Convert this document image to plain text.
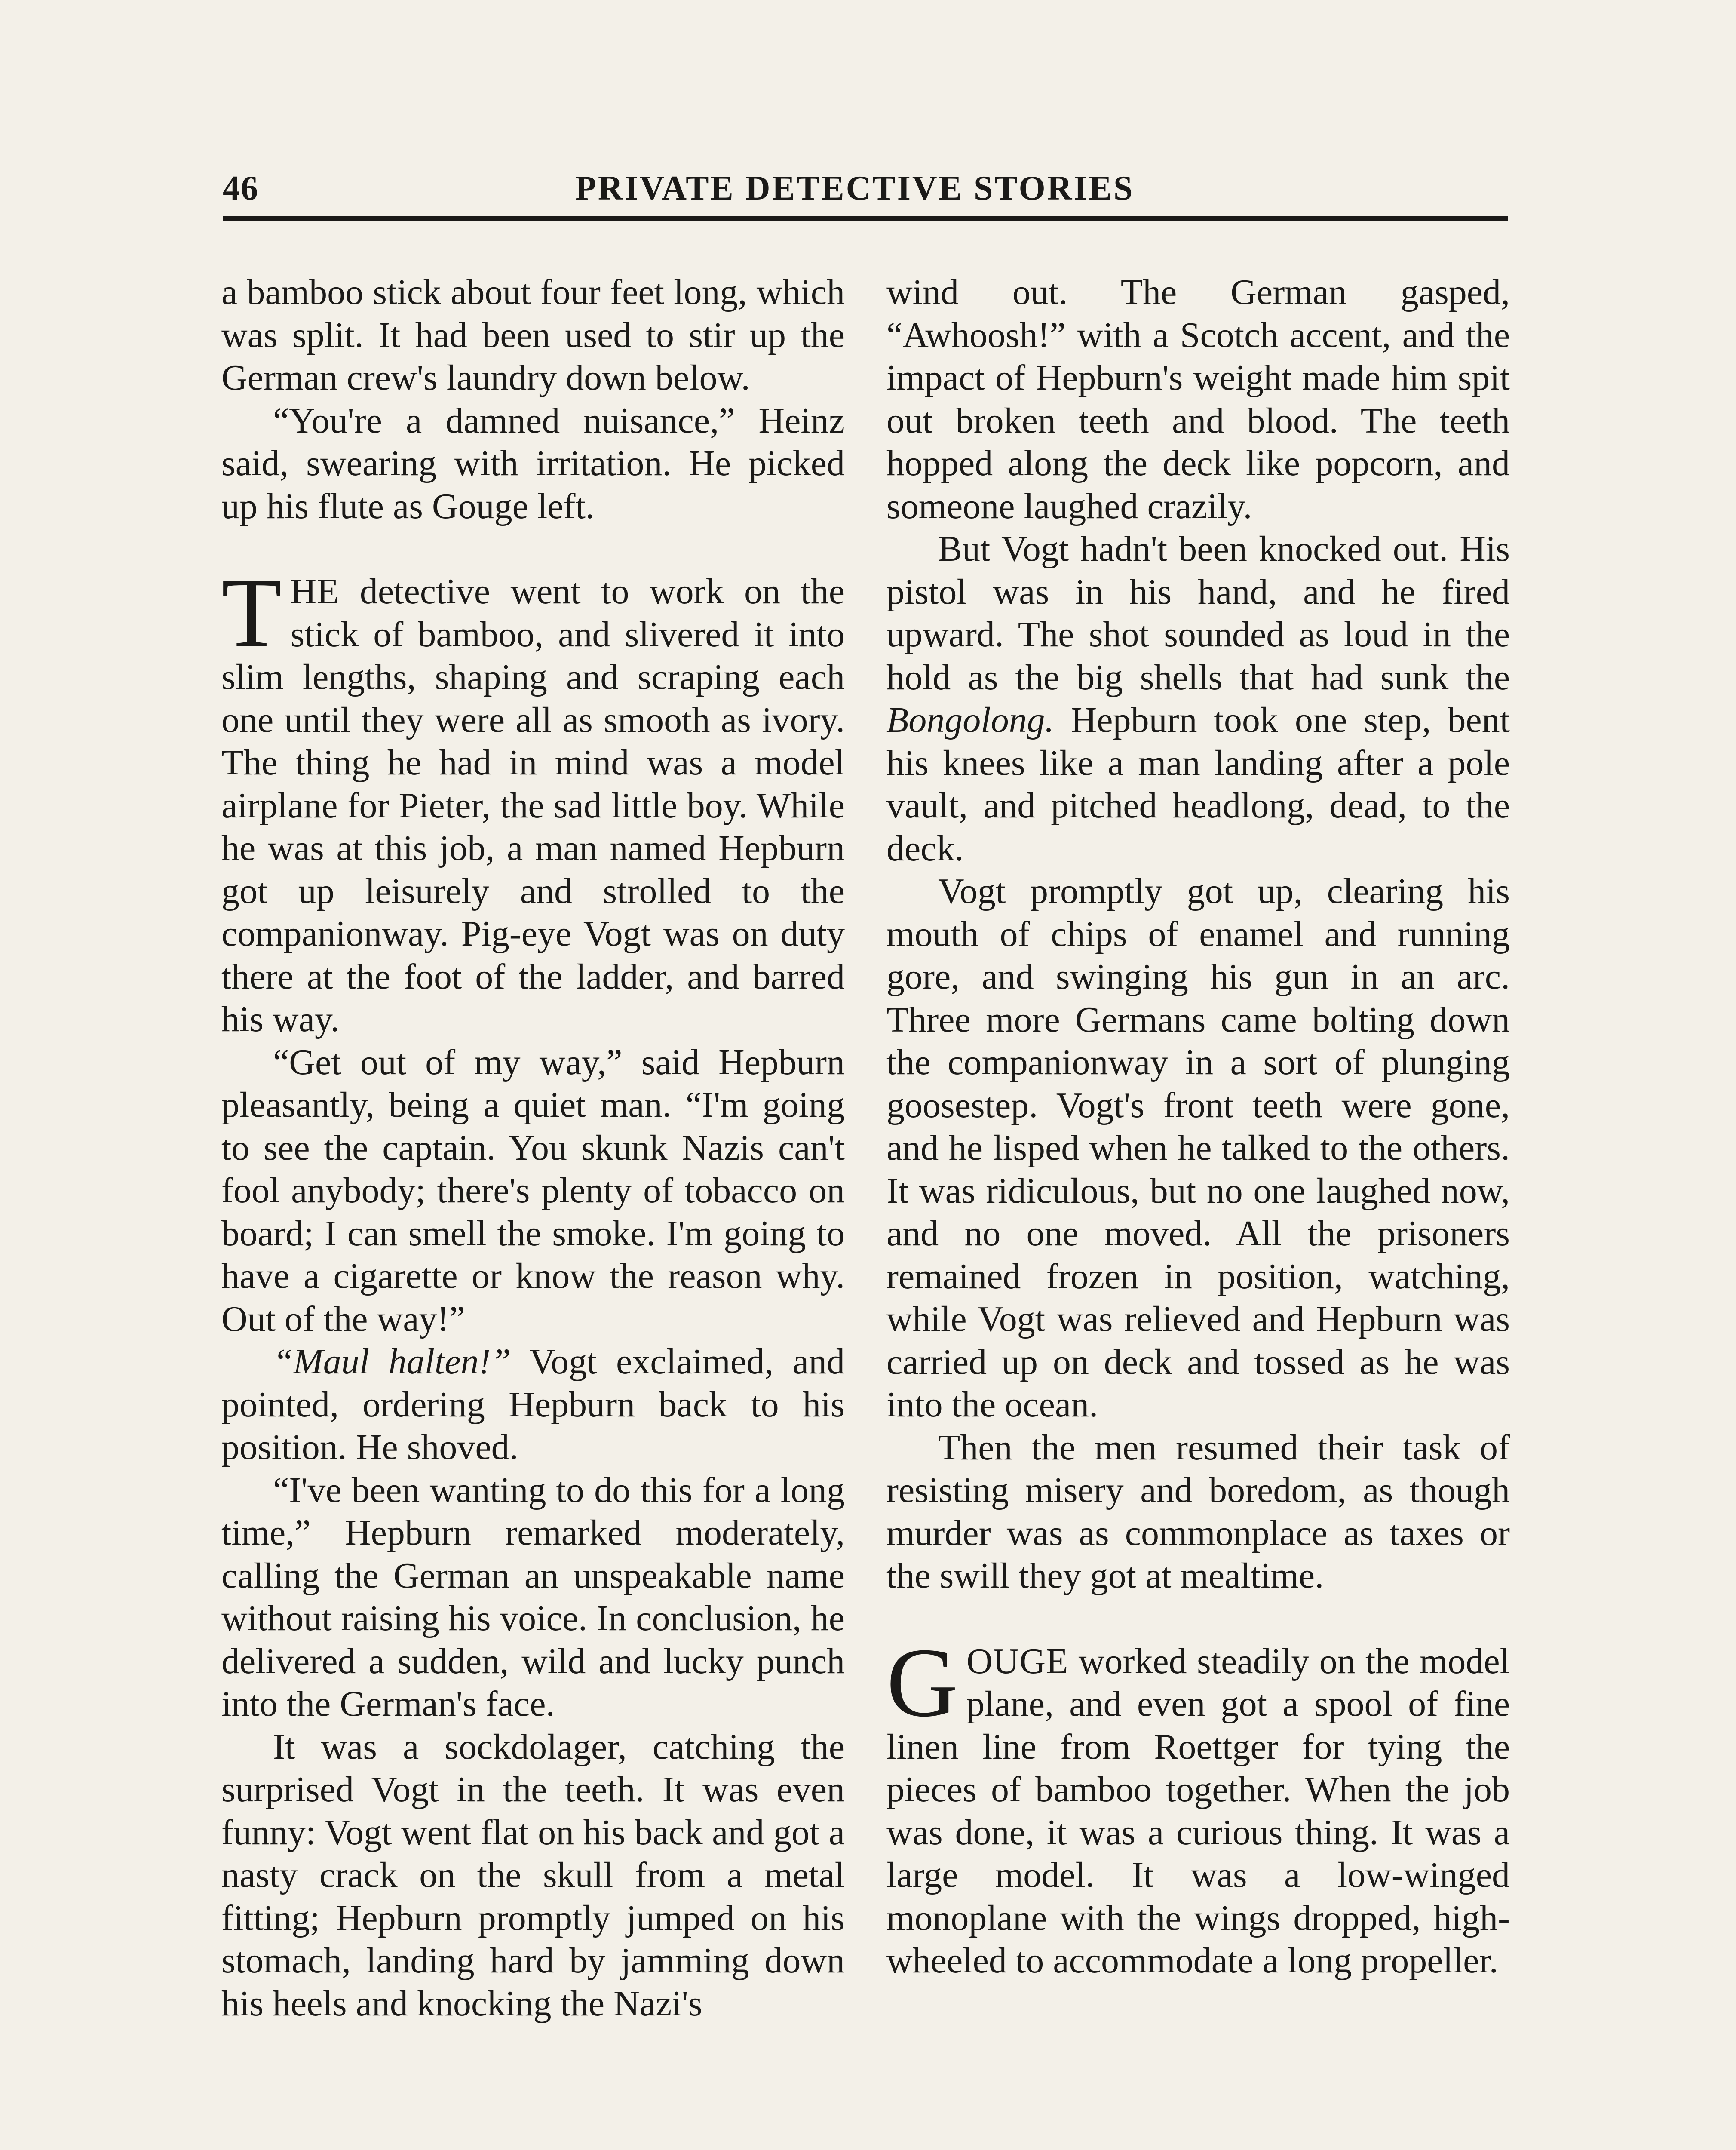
46	PRIVATE DETECTIVE STORIES

a bamboo stick about four feet long, which was split. It had been used to stir up the German crew's laundry down below.

“You're a damned nuisance,” Heinz said, swearing with irritation. He picked up his flute as Gouge left.

THE detective went to work on the stick of bamboo, and slivered it into slim lengths, shaping and scraping each one until they were all as smooth as ivory. The thing he had in mind was a model airplane for Pieter, the sad little boy. While he was at this job, a man named Hepburn got up leisurely and strolled to the companionway. Pig-eye Vogt was on duty there at the foot of the ladder, and barred his way.

“Get out of my way,” said Hepburn pleasantly, being a quiet man. “I'm going to see the captain. You skunk Nazis can't fool anybody; there's plenty of tobacco on board; I can smell the smoke. I'm going to have a cigarette or know the reason why. Out of the way!”

“Maul halten!” Vogt exclaimed, and pointed, ordering Hepburn back to his position. He shoved.

“I've been wanting to do this for a long time,” Hepburn remarked moderately, calling the German an unspeakable name without raising his voice. In conclusion, he delivered a sudden, wild and lucky punch into the German's face.

It was a sockdolager, catching the surprised Vogt in the teeth. It was even funny: Vogt went flat on his back and got a nasty crack on the skull from a metal fitting; Hepburn promptly jumped on his stomach, landing hard by jamming down his heels and knocking the Nazi's

wind out. The German gasped, “Awhoosh!” with a Scotch accent, and the impact of Hepburn's weight made him spit out broken teeth and blood. The teeth hopped along the deck like popcorn, and someone laughed crazily.

But Vogt hadn't been knocked out. His pistol was in his hand, and he fired upward. The shot sounded as loud in the hold as the big shells that had sunk the Bongolong. Hepburn took one step, bent his knees like a man landing after a pole vault, and pitched headlong, dead, to the deck.

Vogt promptly got up, clearing his mouth of chips of enamel and running gore, and swinging his gun in an arc. Three more Germans came bolting down the companionway in a sort of plunging goosestep. Vogt's front teeth were gone, and he lisped when he talked to the others. It was ridiculous, but no one laughed now, and no one moved. All the prisoners remained frozen in position, watching, while Vogt was relieved and Hepburn was carried up on deck and tossed as he was into the ocean.

Then the men resumed their task of resisting misery and boredom, as though murder was as commonplace as taxes or the swill they got at mealtime.

GOUGE worked steadily on the model plane, and even got a spool of fine linen line from Roettger for tying the pieces of bamboo together. When the job was done, it was a curious thing. It was a large model. It was a low-winged monoplane with the wings dropped, high-wheeled to accommodate a long propeller.
